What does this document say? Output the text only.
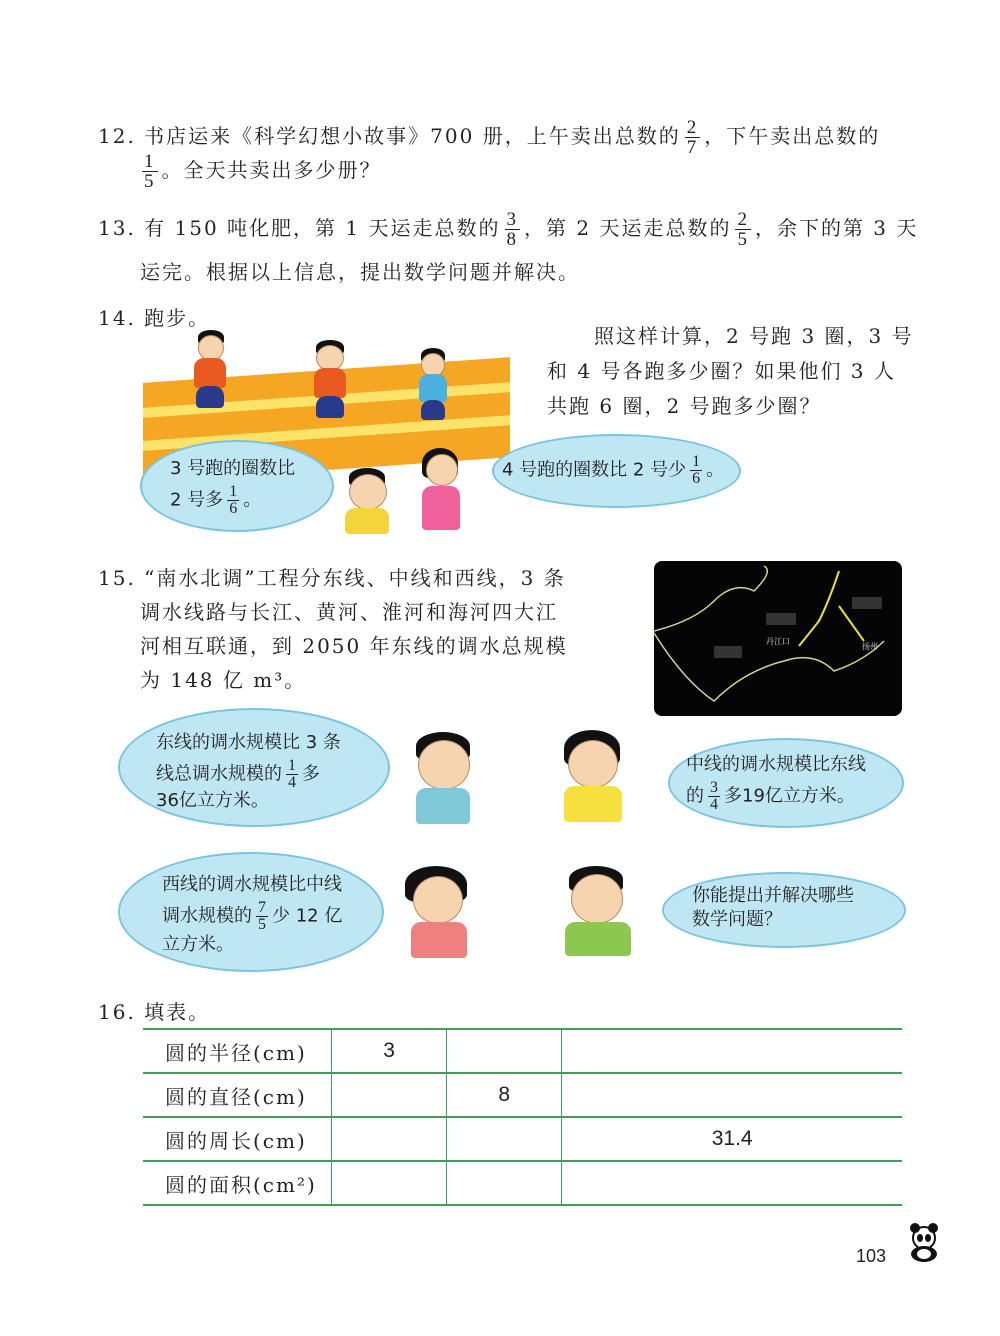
12. 书店运来《科学幻想小故事》700 册，上午卖出总数的 $\frac{2}{7}$ ，下午卖出总数的
$\frac{1}{5}$ 。全天共卖出多少册？
13. 有 150 吨化肥，第 1 天运走总数的 $\frac{3}{8}$ ，第 2 天运走总数的 $\frac{2}{5}$ ，余下的第 3 天
运完。根据以上信息，提出数学问题并解决。
14. 跑步。
照这样计算，2 号跑 3 圈，3 号
和 4 号各跑多少圈？如果他们 3 人
共跑 6 圈，2 号跑多少圈？
3 号跑的圈数比
2 号多 $\frac{1}{6}$ 。
4 号跑的圈数比 2 号少 $\frac{1}{6}$ 。
15. “南水北调”工程分东线、中线和西线，3 条
调水线路与长江、黄河、淮河和海河四大江
河相互联通，到 2050 年东线的调水总规模
为 148 亿 m³。
丹江口
扬州
东线的调水规模比 3 条
线总调水规模的 $\frac{1}{4}$ 多
36亿立方米。
中线的调水规模比东线
的 $\frac{3}{4}$ 多19亿立方米。
西线的调水规模比中线
调水规模的 $\frac{7}{5}$ 少 12 亿
立方米。
你能提出并解决哪些
数学问题？
16. 填表。
圆的半径(cm)	3		
圆的直径(cm)		8	
圆的周长(cm)			31.4
圆的面积(cm²)			
103
